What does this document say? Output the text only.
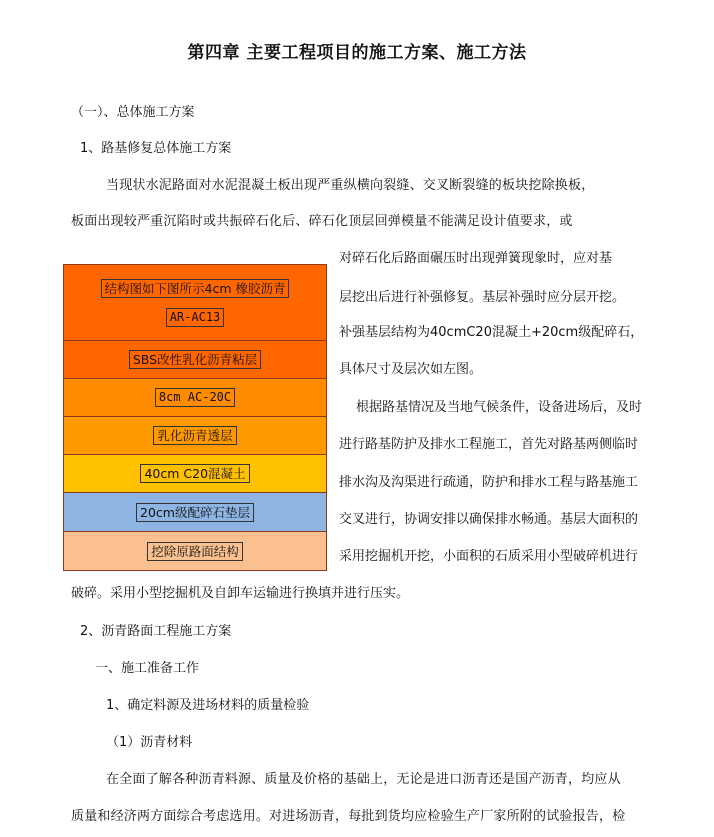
第四章 主要工程项目的施工方案、施工方法
（一）、总体施工方案
1、路基修复总体施工方案
当现状水泥路面对水泥混凝土板出现严重纵横向裂缝、交叉断裂缝的板块挖除换板，
板面出现较严重沉陷时或共振碎石化后、碎石化顶层回弹模量不能满足设计值要求，或
对碎石化后路面碾压时出现弹簧现象时，应对基
层挖出后进行补强修复。基层补强时应分层开挖。
补强基层结构为40cmC20混凝土+20cm级配碎石，
具体尺寸及层次如左图。
根据路基情况及当地气候条件，设备进场后，及时
进行路基防护及排水工程施工，首先对路基两侧临时
排水沟及沟渠进行疏通，防护和排水工程与路基施工
交叉进行，协调安排以确保排水畅通。基层大面积的
采用挖掘机开挖，小面积的石质采用小型破碎机进行
结构图如下图所示4cm 橡胶沥青
AR-AC13
SBS改性乳化沥青粘层
8cm AC-20C
乳化沥青透层
40cm C20混凝土
20cm级配碎石垫层
挖除原路面结构
破碎。采用小型挖掘机及自卸车运输进行换填并进行压实。
2、沥青路面工程施工方案
一、施工准备工作
1、确定料源及进场材料的质量检验
（1）沥青材料
在全面了解各种沥青料源、质量及价格的基础上，无论是进口沥青还是国产沥青，均应从
质量和经济两方面综合考虑选用。对进场沥青，每批到货均应检验生产厂家所附的试验报告，检
